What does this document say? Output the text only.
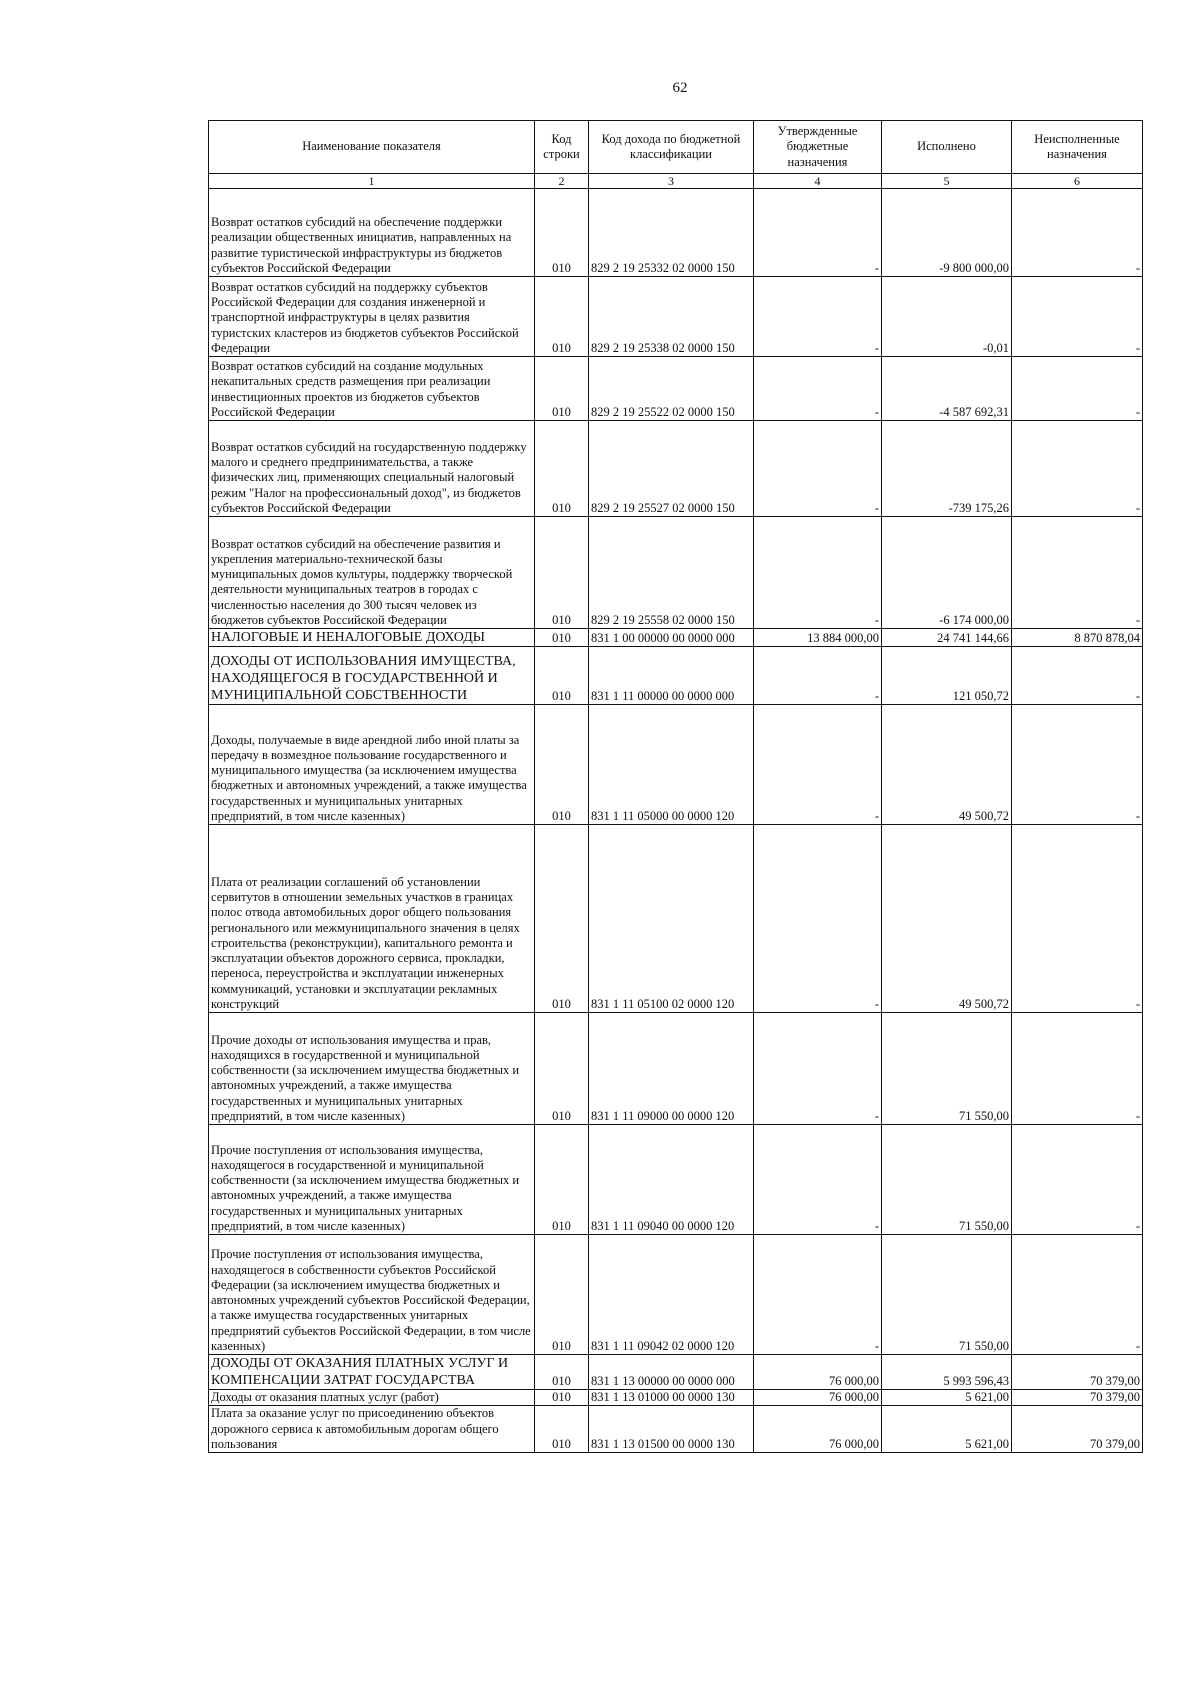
62
Наименование показателя	Код строки	Код дохода по бюджетной классификации	Утвержденные бюджетные назначения	Исполнено	Неисполненные назначения
1	2	3	4	5	6
Возврат остатков субсидий на обеспечение поддержки реализации общественных инициатив, направленных на развитие туристической инфраструктуры из бюджетов субъектов Российской Федерации	010	829 2 19 25332 02 0000 150	-	-9 800 000,00	-
Возврат остатков субсидий на поддержку субъектов Российской Федерации для создания инженерной и транспортной инфраструктуры в целях развития туристских кластеров из бюджетов субъектов Российской Федерации	010	829 2 19 25338 02 0000 150	-	-0,01	-
Возврат остатков субсидий на создание модульных некапитальных средств размещения при реализации инвестиционных проектов из бюджетов субъектов Российской Федерации	010	829 2 19 25522 02 0000 150	-	-4 587 692,31	-
Возврат остатков субсидий на государственную поддержку малого и среднего предпринимательства, а также физических лиц, применяющих специальный налоговый режим "Налог на профессиональный доход", из бюджетов субъектов Российской Федерации	010	829 2 19 25527 02 0000 150	-	-739 175,26	-
Возврат остатков субсидий на обеспечение развития и укрепления материально-технической базы муниципальных домов культуры, поддержку творческой деятельности муниципальных театров в городах с численностью населения до 300 тысяч человек из бюджетов субъектов Российской Федерации	010	829 2 19 25558 02 0000 150	-	-6 174 000,00	-
НАЛОГОВЫЕ И НЕНАЛОГОВЫЕ ДОХОДЫ	010	831 1 00 00000 00 0000 000	13 884 000,00	24 741 144,66	8 870 878,04
ДОХОДЫ ОТ ИСПОЛЬЗОВАНИЯ ИМУЩЕСТВА, НАХОДЯЩЕГОСЯ В ГОСУДАРСТВЕННОЙ И МУНИЦИПАЛЬНОЙ СОБСТВЕННОСТИ	010	831 1 11 00000 00 0000 000	-	121 050,72	-
Доходы, получаемые в виде арендной либо иной платы за передачу в возмездное пользование государственного и муниципального имущества (за исключением имущества бюджетных и автономных учреждений, а также имущества государственных и муниципальных унитарных предприятий, в том числе казенных)	010	831 1 11 05000 00 0000 120	-	49 500,72	-
Плата от реализации соглашений об установлении сервитутов в отношении земельных участков в границах полос отвода автомобильных дорог общего пользования регионального или межмуниципального значения в целях строительства (реконструкции), капитального ремонта и эксплуатации объектов дорожного сервиса, прокладки, переноса, переустройства и эксплуатации инженерных коммуникаций, установки и эксплуатации рекламных конструкций	010	831 1 11 05100 02 0000 120	-	49 500,72	-
Прочие доходы от использования имущества и прав, находящихся в государственной и муниципальной собственности (за исключением имущества бюджетных и автономных учреждений, а также имущества государственных и муниципальных унитарных предприятий, в том числе казенных)	010	831 1 11 09000 00 0000 120	-	71 550,00	-
Прочие поступления от использования имущества, находящегося в государственной и муниципальной собственности (за исключением имущества бюджетных и автономных учреждений, а также имущества государственных и муниципальных унитарных предприятий, в том числе казенных)	010	831 1 11 09040 00 0000 120	-	71 550,00	-
Прочие поступления от использования имущества, находящегося в собственности субъектов Российской Федерации (за исключением имущества бюджетных и автономных учреждений субъектов Российской Федерации, а также имущества государственных унитарных предприятий субъектов Российской Федерации, в том числе казенных)	010	831 1 11 09042 02 0000 120	-	71 550,00	-
ДОХОДЫ ОТ ОКАЗАНИЯ ПЛАТНЫХ УСЛУГ И КОМПЕНСАЦИИ ЗАТРАТ ГОСУДАРСТВА	010	831 1 13 00000 00 0000 000	76 000,00	5 993 596,43	70 379,00
Доходы от оказания платных услуг (работ)	010	831 1 13 01000 00 0000 130	76 000,00	5 621,00	70 379,00
Плата за оказание услуг по присоединению объектов дорожного сервиса к автомобильным дорогам общего пользования	010	831 1 13 01500 00 0000 130	76 000,00	5 621,00	70 379,00
